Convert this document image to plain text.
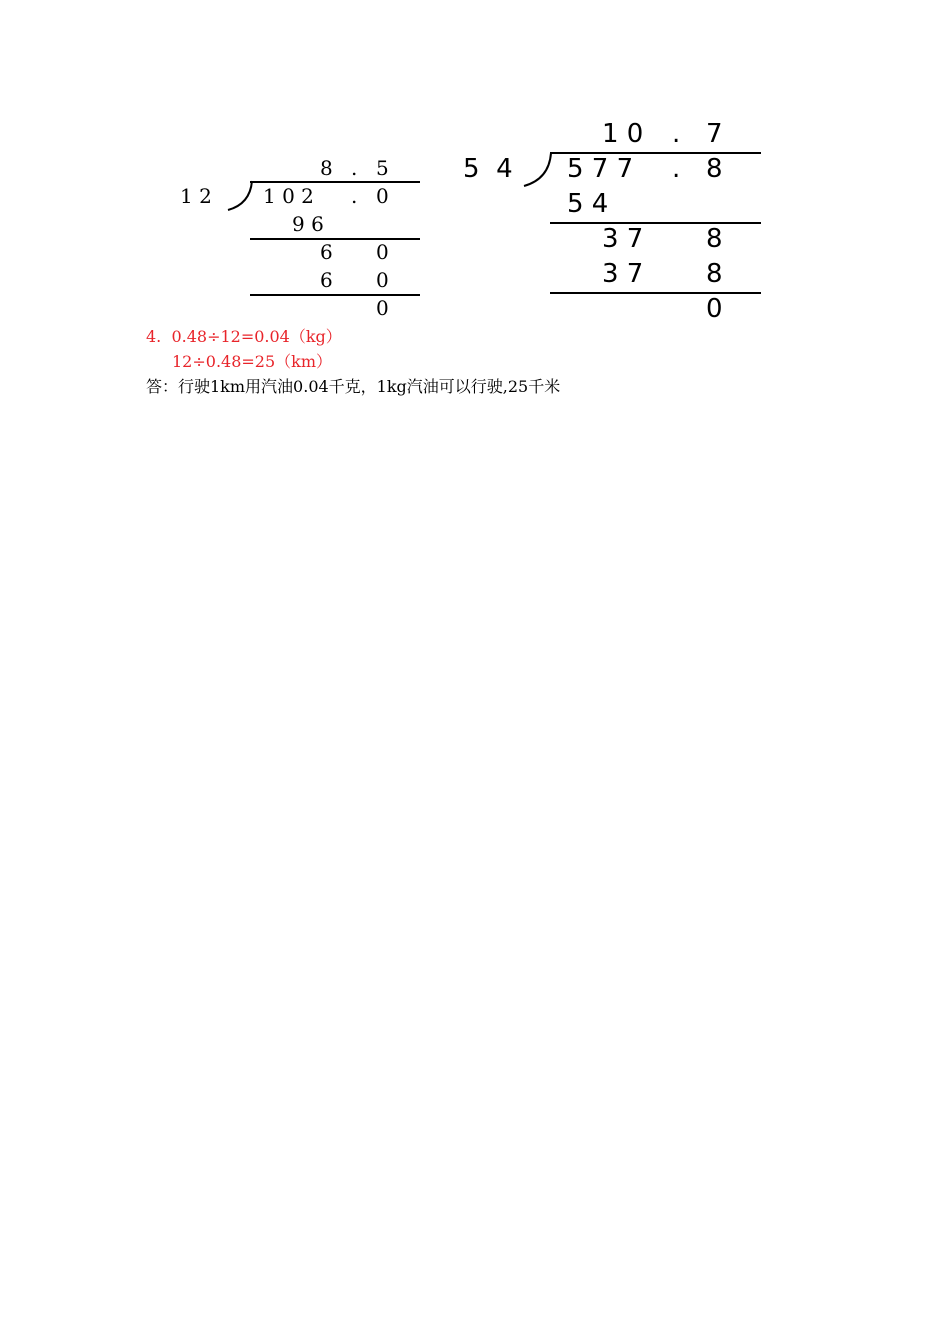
8 . 5
1 2	1 0 2 . 0
9 6
6 0
6 0
0
1 0 . 7
5  4 5 7 7 . 8
5 4
3 7 8
3 7 8
0
4.  0.48÷12=0.04（kg）
12÷0.48=25（km）
答：行驶1km用汽油0.04千克，1kg汽油可以行驶,25千米
